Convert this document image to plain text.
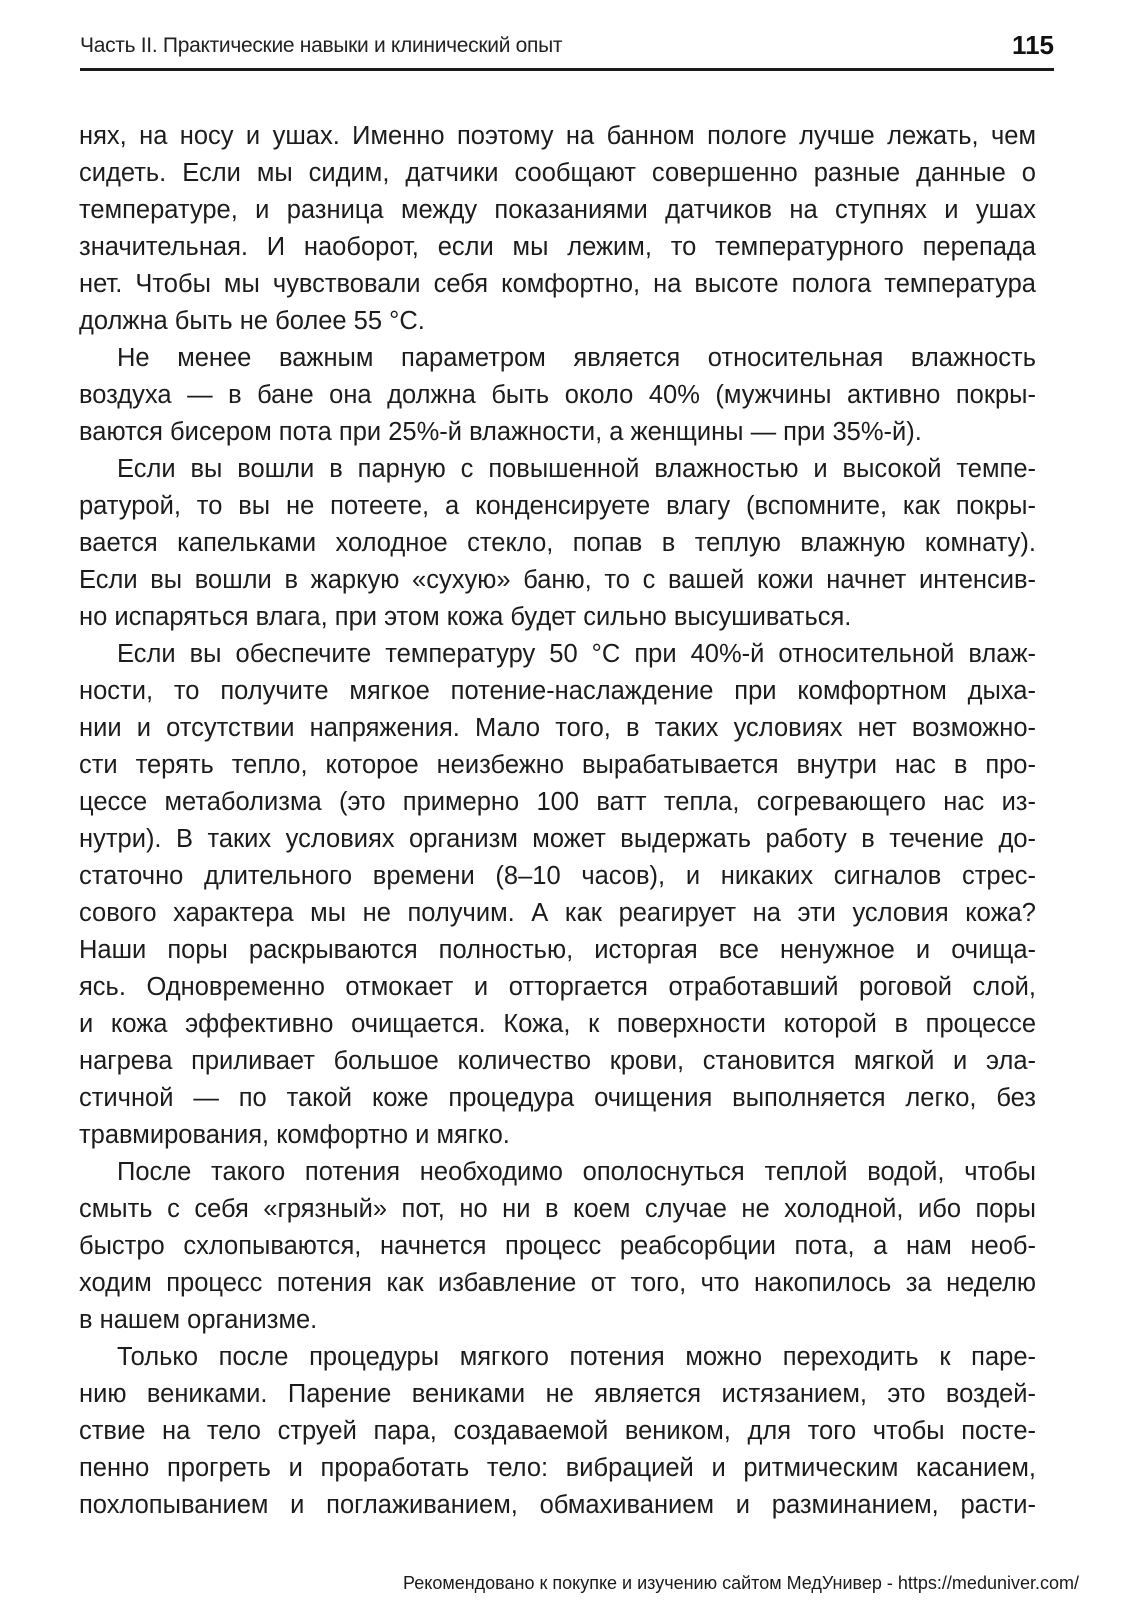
Часть II. Практические навыки и клинический опыт	115

нях, на носу и ушах. Именно поэтому на банном пологе лучше лежать, чем
сидеть. Если мы сидим, датчики сообщают совершенно разные данные о
температуре, и разница между показаниями датчиков на ступнях и ушах
значительная. И наоборот, если мы лежим, то температурного перепада
нет. Чтобы мы чувствовали себя комфортно, на высоте полога температура
должна быть не более 55 °С.

Не менее важным параметром является относительная влажность
воздуха — в бане она должна быть около 40% (мужчины активно покры-
ваются бисером пота при 25%-й влажности, а женщины — при 35%-й).

Если вы вошли в парную с повышенной влажностью и высокой темпе-
ратурой, то вы не потеете, а конденсируете влагу (вспомните, как покры-
вается капельками холодное стекло, попав в теплую влажную комнату).
Если вы вошли в жаркую «сухую» баню, то с вашей кожи начнет интенсив-
но испаряться влага, при этом кожа будет сильно высушиваться.

Если вы обеспечите температуру 50 °С при 40%-й относительной влаж-
ности, то получите мягкое потение-наслаждение при комфортном дыха-
нии и отсутствии напряжения. Мало того, в таких условиях нет возможно-
сти терять тепло, которое неизбежно вырабатывается внутри нас в про-
цессе метаболизма (это примерно 100 ватт тепла, согревающего нас из-
нутри). В таких условиях организм может выдержать работу в течение до-
статочно длительного времени (8–10 часов), и никаких сигналов стрес-
сового характера мы не получим. А как реагирует на эти условия кожа?
Наши поры раскрываются полностью, исторгая все ненужное и очища-
ясь. Одновременно отмокает и отторгается отработавший роговой слой,
и кожа эффективно очищается. Кожа, к поверхности которой в процессе
нагрева приливает большое количество крови, становится мягкой и эла-
стичной — по такой коже процедура очищения выполняется легко, без
травмирования, комфортно и мягко.

После такого потения необходимо ополоснуться теплой водой, чтобы
смыть с себя «грязный» пот, но ни в коем случае не холодной, ибо поры
быстро схлопываются, начнется процесс реабсорбции пота, а нам необ-
ходим процесс потения как избавление от того, что накопилось за неделю
в нашем организме.

Только после процедуры мягкого потения можно переходить к паре-
нию вениками. Парение вениками не является истязанием, это воздей-
ствие на тело струей пара, создаваемой веником, для того чтобы посте-
пенно прогреть и проработать тело: вибрацией и ритмическим касанием,
похлопыванием и поглаживанием, обмахиванием и разминанием, расти-

Рекомендовано к покупке и изучению сайтом МедУнивер - https://meduniver.com/
